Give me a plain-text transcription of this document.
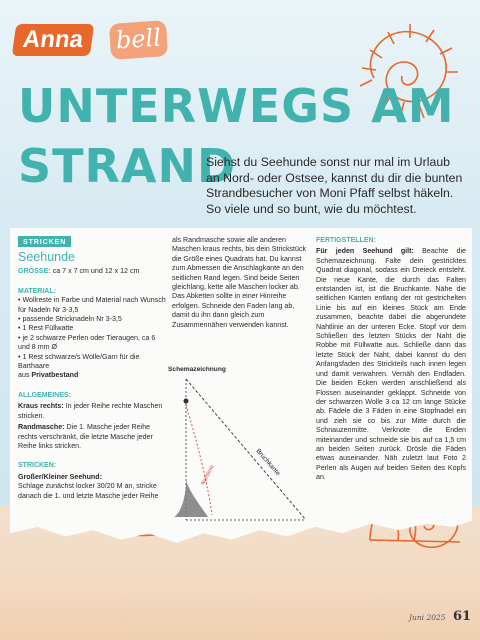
Anna	bell
UNTERWEGS AM
STRAND

Siehst du Seehunde sonst nur mal im Urlaub an Nord- oder Ostsee, kannst du dir die bunten Strandbesucher von Moni Pfaff selbst häkeln. So viele und so bunt, wie du möchtest.

STRICKEN
Seehunde
GRÖSSE: ca 7 x 7 cm und 12 x 12 cm
MATERIAL:
• Wollreste in Farbe und Material nach Wunsch für Nadeln Nr 3-3,5
• passende Stricknadeln Nr 3-3,5
• 1 Rest Füllwatte
• je 2 schwarze Perlen oder Tieraugen, ca 6 und 8 mm Ø
• 1 Rest schwarze/s Wolle/Garn für die Barthaare
aus Privatbestand
ALLGEMEINES:
Kraus rechts: In jeder Reihe rechte Maschen stricken.
Randmasche: Die 1. Masche jeder Reihe rechts verschränkt, die letzte Masche jeder Reihe links stricken.
STRICKEN:
Großer/Kleiner Seehund:
Schlage zunächst locker 30/20 M an, stricke danach die 1. und letzte Masche jeder Reihe
als Randmasche sowie alle anderen Maschen kraus rechts, bis dein Strickstück die Größe eines Quadrats hat. Du kannst zum Abmessen die Anschlagkante an den seitlichen Rand legen. Sind beide Seiten gleichlang, kette alle Maschen locker ab. Das Abketten sollte in einer Hinreihe erfolgen. Schneide den Faden lang ab, damit du ihn dann gleich zum Zusammennähen verwenden kannst.
Schemazeichnung
Bruchkante
Nahtlinie
FERTIGSTELLEN:
Für jeden Seehund gilt: Beachte die Schemazeichnung. Falte dein gestricktes Quadrat diagonal, sodass ein Dreieck entsteht. Die neue Kante, die durch das Falten entstanden ist, ist die Bruchkante. Nähe die seitlichen Kanten entlang der rot gestrichelten Linie bis auf ein kleines Stück am Ende zusammen, beachte dabei die abgerundete Nahtlinie an der unteren Ecke. Stopf vor dem Schließen des letzten Stücks der Naht die Robbe mit Füllwatte aus. Schließe dann das letzte Stück der Naht, dabei kannst du den Anfangsfaden des Strickteils nach innen legen und damit verwahren. Vernäh den Endfaden. Die beiden Ecken werden anschließend als Flossen auseinander geklappt. Schneide von der schwarzen Wolle 3 ca 12 cm lange Stücke ab. Fädele die 3 Fäden in eine Stopfnadel ein und zieh sie co bis zur Mitte durch die Schnauzenmitte. Verknote die Enden miteinander und schneide sie bis auf ca 1,5 cm an beiden Seiten zurück. Drösle die Fäden etwas auseinander. Näh zuletzt laut Foto 2 Perlen als Augen auf beiden Seiten des Kopfs an.
Juni 2025 61
